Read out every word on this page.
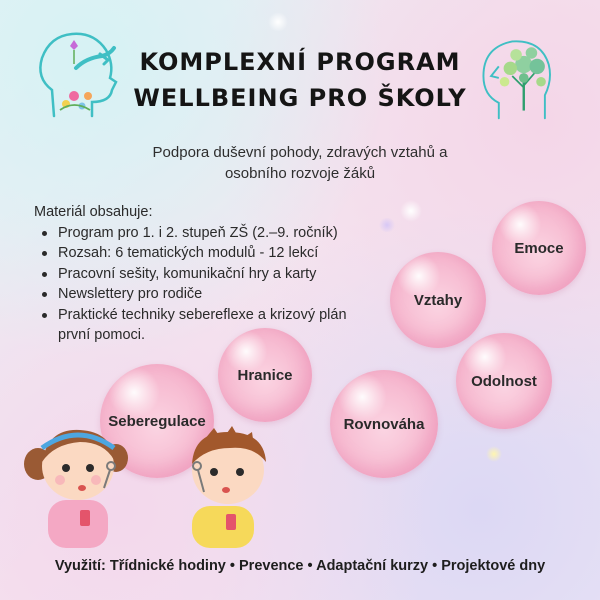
KOMPLEXNÍ PROGRAM
WELLBEING PRO ŠKOLY
Podpora duševní pohody, zdravých vztahů a
osobního rozvoje žáků
Materiál obsahuje:
Program pro 1. i 2. stupeň ZŠ (2.–9. ročník)
Rozsah: 6 tematických modulů - 12 lekcí
Pracovní sešity, komunikační hry a karty
Newslettery pro rodiče
Praktické techniky sebereflexe a krizový plán první pomoci.
Emoce
Vztahy
Hranice	Odolnost
Rovnováha
Seberegulace
Využití: Třídnické hodiny • Prevence • Adaptační kurzy • Projektové dny
